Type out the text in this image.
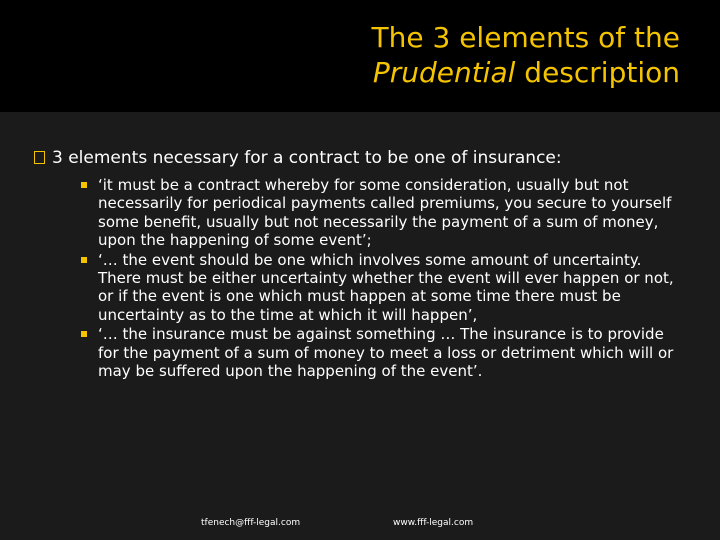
The 3 elements of the
Prudential description
3 elements necessary for a contract to be one of insurance:
‘it must be a contract whereby for some consideration, usually but not necessarily for periodical payments called premiums, you secure to yourself some benefit, usually but not necessarily the payment of a sum of money, upon the happening of some event’;
‘… the event should be one which involves some amount of uncertainty. There must be either uncertainty whether the event will ever happen or not, or if the event is one which must happen at some time there must be uncertainty as to the time at which it will happen’,
‘… the insurance must be against something … The insurance is to provide for the payment of a sum of money to meet a loss or detriment which will or may be suffered upon the happening of the event’.
tfenech@fff-legal.com	www.fff-legal.com
